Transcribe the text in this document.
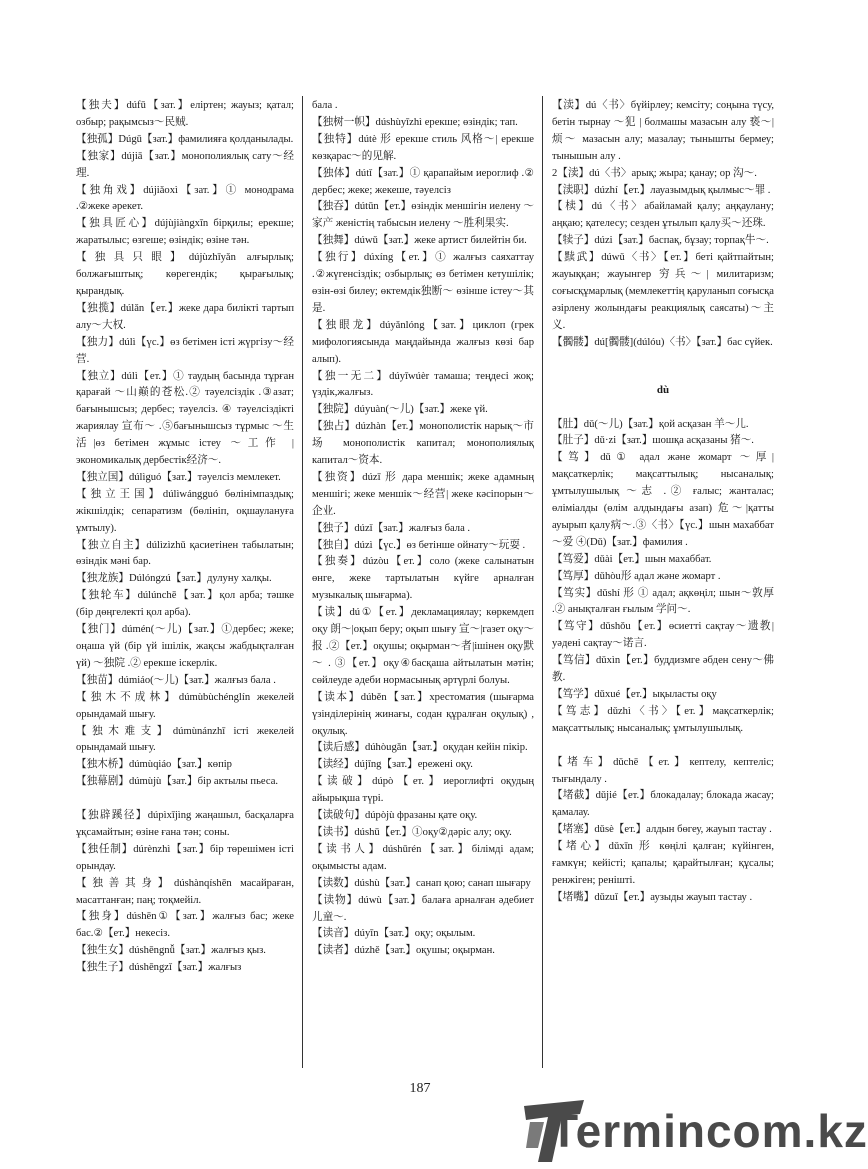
【独夫】dúfū【зат.】еліртен; жауыз; қатал; озбыр; рақымсыз～民贼.

【独孤】Dúgū【зат.】фамилияға қолданылады.

【独家】dújiā【зат.】монополиялық сату～经理.

【独角戏】dújiǎoxì【зат.】① монодрама .②жеке әрекет.

【独具匠心】dújùjiàngxīn бірқилы; ерекше; жаратылыс; өзгеше; өзіндік; өзіне тән.

【独具只眼】dújùzhīyǎn алғырлық; болжағыштық; көрегендік; қырағылық; қырандық.

【独揽】dúlǎn【ет.】жеке дара билікті тартып алу～大权.

【独力】dúlì【үс.】өз бетімен істі жүргізу～经营.

【独立】dúlì【ет.】① таудың басында тұрған қарағай ～山巅的苍松.② тәуелсіздік .③азат; бағынышсыз; дербес; тәуелсіз. ④ тәуелсіздікті жариялау 宣布～ .⑤бағынышсыз тұрмыс ～生活|өз бетімен жұмыс істеу ～工作 | экономикалық дербестік经济～.

【独立国】dúlìguó【зат.】тәуелсіз мемлекет.

【独立王国】dúlìwángguó бөлінімпаздық; жікшілдік; сепаратизм (бөлініп, оқшаулануға ұмтылу).

【独立自主】dúlìzìzhǔ қасиетінен табылатын; өзіндік мәні бар.

【独龙族】Dúlóngzú【зат.】дулуну халқы.

【独轮车】dúlúnchē【зат.】қол арба; тәшке (бір дөңгелекті қол арба).

【独门】dúmén(～儿)【зат.】①дербес; жеке; оңаша үй (бір үй ішілік, жақсы жабдықталған үй) ～独院 .② ерекше іскерлік.

【独苗】dúmiáo(～儿)【зат.】жалғыз бала .

【独木不成林】dúmùbùchénglín жекелей орындамай шығу.

【独木难支】dúmùnánzhī істі жекелей орындамай шығу.

【独木桥】dúmùqiáo【зат.】көпір

【独幕剧】dúmùjù【зат.】бір актылы пьеса.

【独辟蹊径】dúpìxījìng жаңашыл, басқаларға ұқсамайтын; өзіне ғана тән; соны.

【独任制】dúrènzhì【зат.】бір төрешімен істі орындау.

【独善其身】dúshànqíshēn масайраған, масаттанған; паң; тоқмейіл.

【独身】dúshēn①【зат.】жалғыз бас; жеке бас.②【ет.】некесіз.

【独生女】dúshēngnǚ【зат.】жалғыз қыз.

【独生子】dúshēngzǐ【зат.】жалғыз

бала .

【独树一帜】dúshùyīzhì ерекше; өзіндік; тап.

【独特】dútè 形 ерекше стиль 风格～| ерекше көзқарас～的见解.

【独体】dútǐ【зат.】① қарапайым иероглиф .② дербес; жеке; жекеше, тәуелсіз

【独吞】dútūn【ет.】өзіндік меншігін иелену ～家产 женістің табысын иелену ～胜利果实.

【独舞】dúwǔ【зат.】жеке артист билейтін би.

【独行】dúxíng【ет.】① жалғыз саяхаттау .②жүгенсіздік; озбырлық; өз бетімен кетушілік; өзін-өзі билеу; өктемдік独断～ өзінше істеу～其是.

【独眼龙】dúyǎnlóng【зат.】циклоп (грек мифологиясында маңдайында жалғыз көзі бар алып).

【独一无二】dúyīwúèr тамаша; теңдесі жоқ; үздік,жалғыз.

【独院】dúyuàn(～儿)【зат.】жеке үй.

【独占】dúzhàn【ет.】монополистік нарық～市场 монополистік капитал; монополиялық капитал～资本.

【独资】dúzī 形 дара меншік; жеке адамның меншігі; жеке меншік～经营| жеке кәсіпорын～企业.

【独子】dúzǐ【зат.】жалғыз бала .

【独自】dúzì【үс.】өз бетінше ойнату～玩耍 .

【独奏】dúzòu【ет.】соло (жеке салынатын өнге, жеке тартылатын күйге арналған музыкалық шығарма).

【读】dú①【ет.】декламациялау; көркемдеп оқу 朗～|оқып беру; оқып шығу 宣～|газет оқу～报 .②【ет.】оқушы; оқырман～者|ішінен оқу默～ . ③【ет.】оқу④басқаша айтылатын мәтін; сөйлеуде әдеби нормасынық әртүрлі болуы.

【读本】dúběn【зат.】хрестоматия (шығарма үзінділерінің жинағы, содан құралған оқулық) , оқулық.

【读后感】dúhòugǎn【зат.】оқудан кейін пікір.

【读经】dújīng【зат.】ережені оқу.

【读破】dúpò【ет.】иероглифті оқудың айырықша түрі.

【读破句】dúpòjù фразаны қате оқу.

【读书】dúshū【ет.】①оқу②дәріс алу; оқу.

【读书人】dúshūrén【зат.】білімді адам; оқымысты адам.

【读数】dúshù【зат.】санап қою; санап шығару

【读物】dúwù【зат.】балаға арналған әдебиет儿童～.

【读音】dúyīn【зат.】оқу; оқылым.

【读者】dúzhě【зат.】оқушы; оқырман.

【渎】dú〈书〉бүйірлеу; кемсіту; соңына түсу, бетін тырнау ～犯 | болмашы мазасын алу 亵～| 烦～ мазасын алу; мазалау; тынышты бермеу; тынышын алу .

2【渎】dú〈书〉арық; жыра; қанау; ор 沟～.

【渎职】dúzhí【ет.】лауазымдық қылмыс～罪 .

【椟】dú〈书〉абайламай қалу; аңқаулану; аңқаю; қателесу; сезден ұтылып қалу买～还珠.

【犊子】dúzi【зат.】баспақ, бұзау; торпақ牛～.

【黩武】dúwǔ〈书〉【ет.】беті қайтпайтын; жауыққан; жауынгер 穷兵～| милитаризм; соғысқұмарлық (мемлекеттің қаруланып соғысқа әзірлену жолындағы реакциялық саясаты)～主义.

【髑髅】dú[髑髅](dúlóu)〈书〉【зат.】бас сүйек.

dù

【肚】dǔ(～儿)【зат.】қой асқазан 羊～儿.

【肚子】dǔ·zi【зат.】шошқа асқазаны 猪～.

【笃】dǔ① адал және жомарт ～厚| мақсаткерлік; мақсаттылық; нысаналық; ұмтылушылық ～志 .② ғалыс; жанталас; өліміалды (өлім алдындағы азап) 危～|қатты ауырып қалу病～.③〈书〉【үс.】шын махаббат～爱 ④(Dǔ)【зат.】фамилия .

【笃爱】dǔài【ет.】шын махаббат.

【笃厚】dǔhòu形 адал және жомарт .

【笃实】dǔshí 形 ① адал; ақкөңіл; шын～敦厚 .② анықталған ғылым 学问～.

【笃守】dǔshǒu【ет.】өсиетті сақтау～遗教|уәдені сақтау～诺言.

【笃信】dǔxìn【ет.】буддизмге әбден сену～佛教.

【笃学】dǔxué【ет.】ықыласты оқу

【笃志】dǔzhì〈书〉【ет.】мақсаткерлік; мақсаттылық; нысаналық; ұмтылушылық.

【堵车】dǔchē【ет.】кептелу, кептеліс; тығындалу .

【堵截】dǔjié【ет.】блокадалау; блокада жасау; қамалау.

【堵塞】dǔsè【ет.】алдын бөгеу, жауып тастау .

【堵心】dǔxīn 形 көңілі қалған; күйінген, ғамкүн; кейісті; қапалы; қарайтылған; құсалы; ренжіген; реніштi.

【堵嘴】dǔzuǐ【ет.】аузыды жауып тастау .

187
Termincom.kz
